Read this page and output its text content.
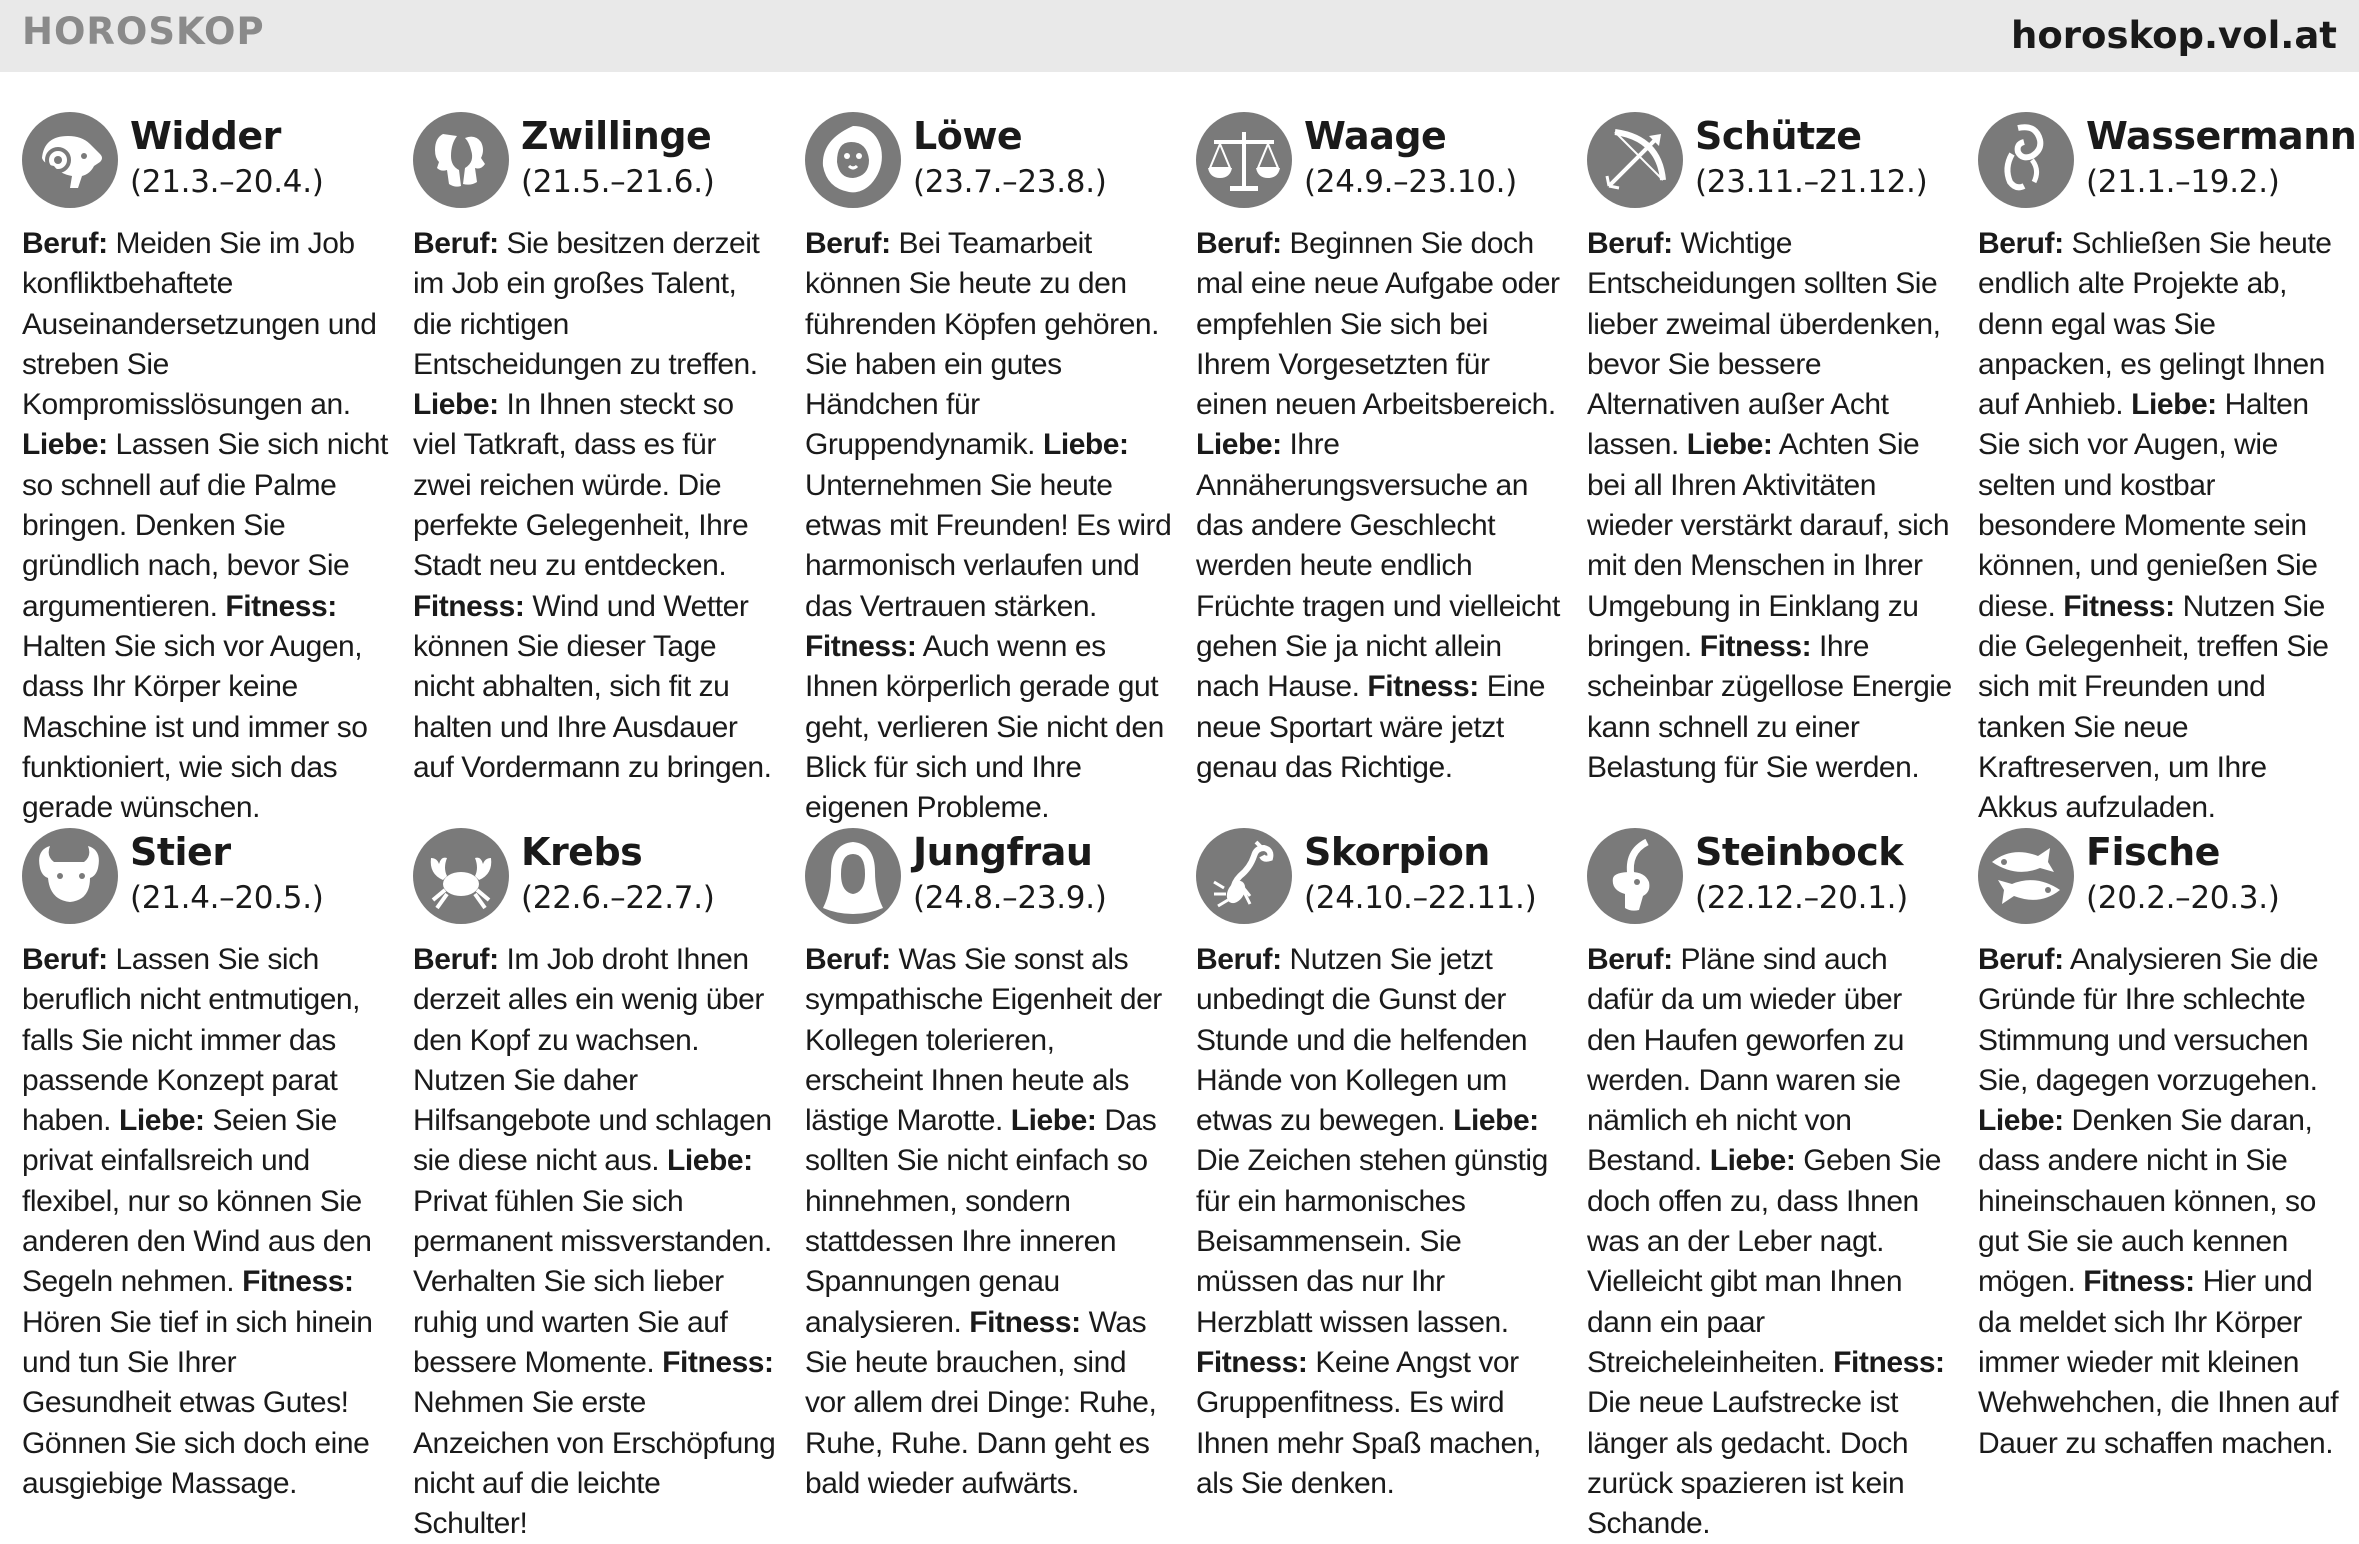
HOROSKOP	horoskop.vol.at
Widder
(21.3.–20.4.)
Beruf: Meiden Sie im Job konfliktbehaftete Auseinandersetzungen und streben Sie Kompromisslösungen an. Liebe: Lassen Sie sich nicht so schnell auf die Palme bringen. Denken Sie gründlich nach, bevor Sie argumentieren. Fitness: Halten Sie sich vor Augen, dass Ihr Körper keine Maschine ist und immer so funktioniert, wie sich das gerade wünschen.
Zwillinge
(21.5.–21.6.)
Beruf: Sie besitzen derzeit im Job ein großes Talent, die richtigen Entscheidungen zu treffen. Liebe: In Ihnen steckt so viel Tatkraft, dass es für zwei reichen würde. Die perfekte Gelegenheit, Ihre Stadt neu zu entdecken. Fitness: Wind und Wetter können Sie dieser Tage nicht abhalten, sich fit zu halten und Ihre Ausdauer auf Vordermann zu bringen.
Löwe
(23.7.–23.8.)
Beruf: Bei Teamarbeit können Sie heute zu den führenden Köpfen gehören. Sie haben ein gutes Händchen für Gruppendynamik. Liebe: Unternehmen Sie heute etwas mit Freunden! Es wird harmonisch verlaufen und das Vertrauen stärken. Fitness: Auch wenn es Ihnen körperlich gerade gut geht, verlieren Sie nicht den Blick für sich und Ihre eigenen Probleme.
Waage
(24.9.–23.10.)
Beruf: Beginnen Sie doch mal eine neue Aufgabe oder empfehlen Sie sich bei Ihrem Vorgesetzten für einen neuen Arbeitsbereich. Liebe: Ihre Annäherungsversuche an das andere Geschlecht werden heute endlich Früchte tragen und vielleicht gehen Sie ja nicht allein nach Hause. Fitness: Eine neue Sportart wäre jetzt genau das Richtige.
Schütze
(23.11.–21.12.)
Beruf: Wichtige Entscheidungen sollten Sie lieber zweimal überdenken, bevor Sie bessere Alternativen außer Acht lassen. Liebe: Achten Sie bei all Ihren Aktivitäten wieder verstärkt darauf, sich mit den Menschen in Ihrer Umgebung in Einklang zu bringen. Fitness: Ihre scheinbar zügellose Energie kann schnell zu einer Belastung für Sie werden.
Wassermann
(21.1.–19.2.)
Beruf: Schließen Sie heute endlich alte Projekte ab, denn egal was Sie anpacken, es gelingt Ihnen auf Anhieb. Liebe: Halten Sie sich vor Augen, wie selten und kostbar besondere Momente sein können, und genießen Sie diese. Fitness: Nutzen Sie die Gelegenheit, treffen Sie sich mit Freunden und tanken Sie neue Kraftreserven, um Ihre Akkus aufzuladen.
Stier
(21.4.–20.5.)
Beruf: Lassen Sie sich beruflich nicht entmutigen, falls Sie nicht immer das passende Konzept parat haben. Liebe: Seien Sie privat einfallsreich und flexibel, nur so können Sie anderen den Wind aus den Segeln nehmen. Fitness: Hören Sie tief in sich hinein und tun Sie Ihrer Gesundheit etwas Gutes! Gönnen Sie sich doch eine ausgiebige Massage.
Krebs
(22.6.–22.7.)
Beruf: Im Job droht Ihnen derzeit alles ein wenig über den Kopf zu wachsen. Nutzen Sie daher Hilfsangebote und schlagen sie diese nicht aus. Liebe: Privat fühlen Sie sich permanent missverstanden. Verhalten Sie sich lieber ruhig und warten Sie auf bessere Momente. Fitness: Nehmen Sie erste Anzeichen von Erschöpfung nicht auf die leichte Schulter!
Jungfrau
(24.8.–23.9.)
Beruf: Was Sie sonst als sympathische Eigenheit der Kollegen tolerieren, erscheint Ihnen heute als lästige Marotte. Liebe: Das sollten Sie nicht einfach so hinnehmen, sondern stattdessen Ihre inneren Spannungen genau analysieren. Fitness: Was Sie heute brauchen, sind vor allem drei Dinge: Ruhe, Ruhe, Ruhe. Dann geht es bald wieder aufwärts.
Skorpion
(24.10.–22.11.)
Beruf: Nutzen Sie jetzt unbedingt die Gunst der Stunde und die helfenden Hände von Kollegen um etwas zu bewegen. Liebe: Die Zeichen stehen günstig für ein harmonisches Beisammensein. Sie müssen das nur Ihr Herzblatt wissen lassen. Fitness: Keine Angst vor Gruppenfitness. Es wird Ihnen mehr Spaß machen, als Sie denken.
Steinbock
(22.12.–20.1.)
Beruf: Pläne sind auch dafür da um wieder über den Haufen geworfen zu werden. Dann waren sie nämlich eh nicht von Bestand. Liebe: Geben Sie doch offen zu, dass Ihnen was an der Leber nagt. Vielleicht gibt man Ihnen dann ein paar Streicheleinheiten. Fitness: Die neue Laufstrecke ist länger als gedacht. Doch zurück spazieren ist kein Schande.
Fische
(20.2.–20.3.)
Beruf: Analysieren Sie die Gründe für Ihre schlechte Stimmung und versuchen Sie, dagegen vorzugehen. Liebe: Denken Sie daran, dass andere nicht in Sie hineinschauen können, so gut Sie sie auch kennen mögen. Fitness: Hier und da meldet sich Ihr Körper immer wieder mit kleinen Wehwehchen, die Ihnen auf Dauer zu schaffen machen.
